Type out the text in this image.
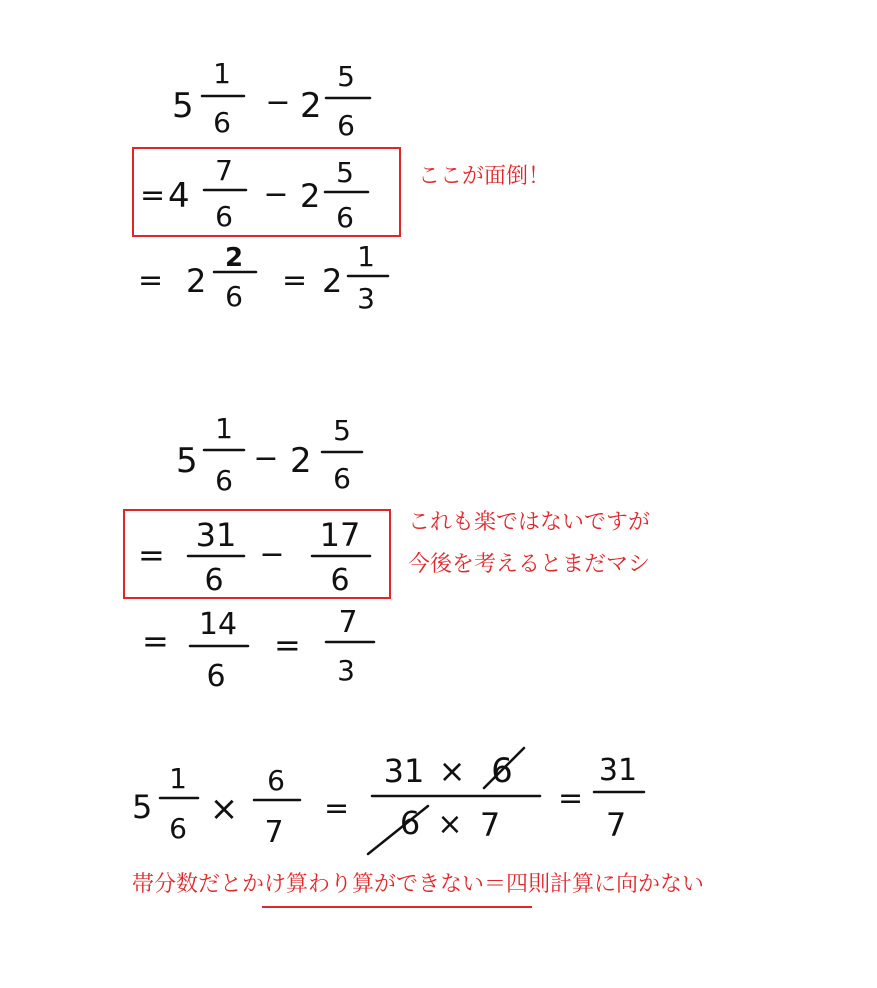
5
1
6
− 2
5
6
= 4
7
6
− 2
5
6
= 2
2
6 = 2
1
3
5
1
6
− 2
5
6
=
31
6
−
17
6
= 14
6
=
7
3
5
1
6 ×
6
7
=
31 × 6
6 × 7
=
31
7
ここが面倒！
これも楽ではないですが
今後を考えるとまだマシ
帯分数だとかけ算わり算ができない＝四則計算に向かない
